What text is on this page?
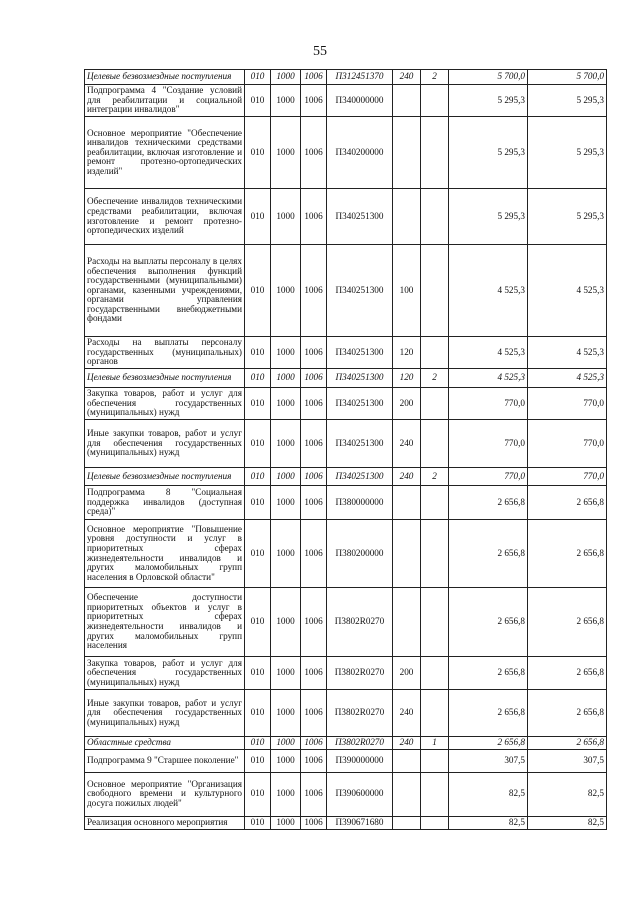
55
Целевые безвозмездные поступления	010	1000	1006	П312451370	240	2	5 700,0	5 700,0
Подпрограмма 4 "Создание условий для реабилитации и социальной интеграции инвалидов"	010	1000	1006	П340000000			5 295,3	5 295,3
Основное мероприятие "Обеспечение инвалидов техническими средствами реабилитации, включая изготовление и ремонт протезно-ортопедических изделий"	010	1000	1006	П340200000			5 295,3	5 295,3
Обеспечение инвалидов техническими средствами реабилитации, включая изготовление и ремонт протезно-ортопедических изделий	010	1000	1006	П340251300			5 295,3	5 295,3
Расходы на выплаты персоналу в целях обеспечения выполнения функций государственными (муниципальными) органами, казенными учреждениями, органами управления государственными внебюджетными фондами	010	1000	1006	П340251300	100		4 525,3	4 525,3
Расходы на выплаты персоналу государственных (муниципальных) органов	010	1000	1006	П340251300	120		4 525,3	4 525,3
Целевые безвозмездные поступления	010	1000	1006	П340251300	120	2	4 525,3	4 525,3
Закупка товаров, работ и услуг для обеспечения государственных (муниципальных) нужд	010	1000	1006	П340251300	200		770,0	770,0
Иные закупки товаров, работ и услуг для обеспечения государственных (муниципальных) нужд	010	1000	1006	П340251300	240		770,0	770,0
Целевые безвозмездные поступления	010	1000	1006	П340251300	240	2	770,0	770,0
Подпрограмма 8 "Социальная поддержка инвалидов (доступная среда)"	010	1000	1006	П380000000			2 656,8	2 656,8
Основное мероприятие "Повышение уровня доступности и услуг в приоритетных сферах жизнедеятельности инвалидов и других маломобильных групп населения в Орловской области"	010	1000	1006	П380200000			2 656,8	2 656,8
Обеспечение доступности приоритетных объектов и услуг в приоритетных сферах жизнедеятельности инвалидов и других маломобильных групп населения	010	1000	1006	П3802R0270			2 656,8	2 656,8
Закупка товаров, работ и услуг для обеспечения государственных (муниципальных) нужд	010	1000	1006	П3802R0270	200		2 656,8	2 656,8
Иные закупки товаров, работ и услуг для обеспечения государственных (муниципальных) нужд	010	1000	1006	П3802R0270	240		2 656,8	2 656,8
Областные средства	010	1000	1006	П3802R0270	240	1	2 656,8	2 656,8
Подпрограмма 9 "Старшее поколение"	010	1000	1006	П390000000			307,5	307,5
Основное мероприятие "Организация свободного времени и культурного досуга пожилых людей"	010	1000	1006	П390600000			82,5	82,5
Реализация основного мероприятия	010	1000	1006	П390671680			82,5	82,5
